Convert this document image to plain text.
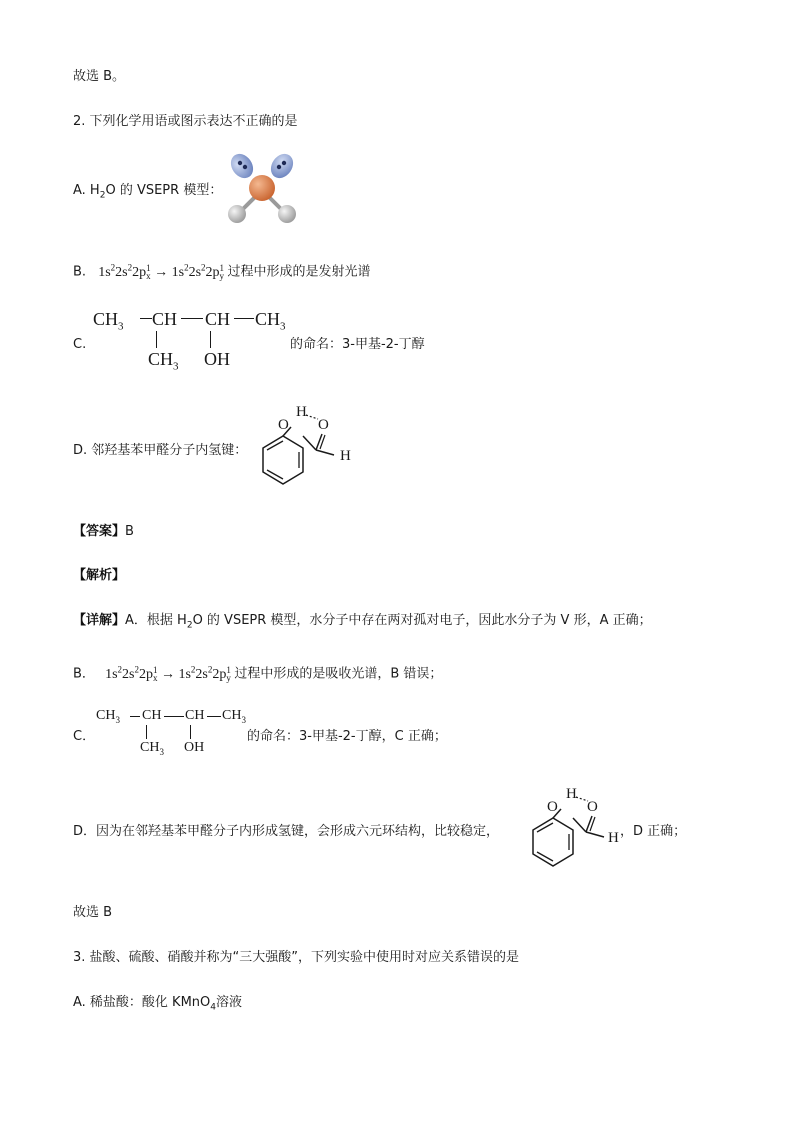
故选 B。
2. 下列化学用语或图示表达不正确的是
A. $H_2O$ 的 VSEPR 模型：
B. $1s^22s^22p$ 1
$x \to 1s^22s^22p$ 1
y 过程中形成的是发射光谱
C.
$CH_3$ CH CH $CH_3$
$CH_3$ OH
的命名：3-甲基-2-丁醇
D. 邻羟基苯甲醛分子内氢键：
O
H
O
H
【答案】B
【解析】
【详解】A．根据 $H_2O$ 的 VSEPR 模型，水分子中存在两对孤对电子，因此水分子为 V 形，A 正确；
B． $1s^22s^22p$ 1
$x \to 1s^22s^22p$ 1
y 过程中形成的是吸收光谱，B 错误；
C．
$CH_3$ CH CH $CH_3$
$CH_3$ OH
的命名：3-甲基-2-丁醇，C 正确；
D．因为在邻羟基苯甲醛分子内形成氢键，会形成六元环结构，比较稳定，
O
H
O
H ，D 正确；
故选 B
3. 盐酸、硫酸、硝酸并称为“三大强酸”，下列实验中使用时对应关系错误的是
A. 稀盐酸：酸化 KMnO$_4$溶液
